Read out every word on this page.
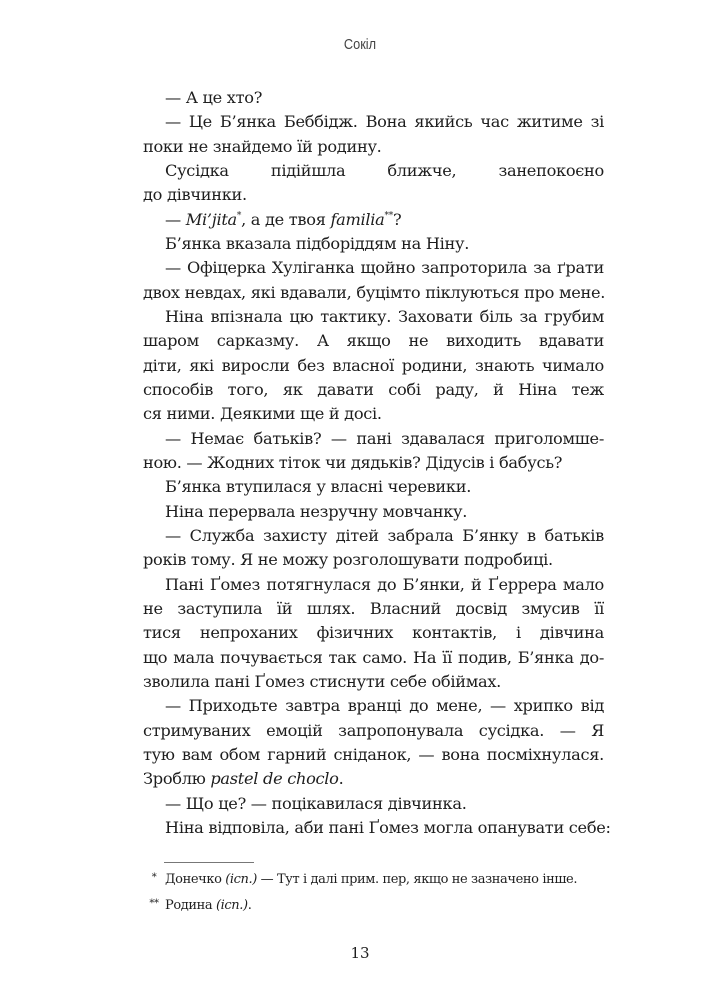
Сокіл
— А це хто?
— Це Б’янка Беббідж. Вона якийсь час житиме зі
поки не знайдемо їй родину.
Сусідка підійшла ближче, занепокоєно
до дівчинки.
— Mi’jita*, а де твоя familia**?
Б’янка вказала підборіддям на Ніну.
— Офіцерка Хуліганка щойно запроторила за ґрати
двох невдах, які вдавали, буцімто піклуються про мене.
Ніна впізнала цю тактику. Заховати біль за грубим
шаром сарказму. А якщо не виходить вдавати
діти, які виросли без власної родини, знають чимало
способів того, як давати собі раду, й Ніна теж
ся ними. Деякими ще й досі.
— Немає батьків? — пані здавалася приголомше-
ною. — Жодних тіток чи дядьків? Дідусів і бабусь?
Б’янка втупилася у власні черевики.
Ніна перервала незручну мовчанку.
— Служба захисту дітей забрала Б’янку в батьків
років тому. Я не можу розголошувати подробиці.
Пані Ґомез потягнулася до Б’янки, й Ґеррера мало
не заступила їй шлях. Власний досвід змусив її
тися непроханих фізичних контактів, і дівчина
що мала почувається так само. На її подив, Б’янка до-
зволила пані Ґомез стиснути себе обіймах.
— Приходьте завтра вранці до мене, — хрипко від
стримуваних емоцій запропонувала сусідка. — Я
тую вам обом гарний сніданок, — вона посміхнулася.
Зроблю pastel de choclo.
— Що це? — поцікавилася дівчинка.
Ніна відповіла, аби пані Ґомез могла опанувати себе:
* Донечко (ісп.) — Тут і далі прим. пер, якщо не зазначено інше.
** Родина (ісп.).
13
